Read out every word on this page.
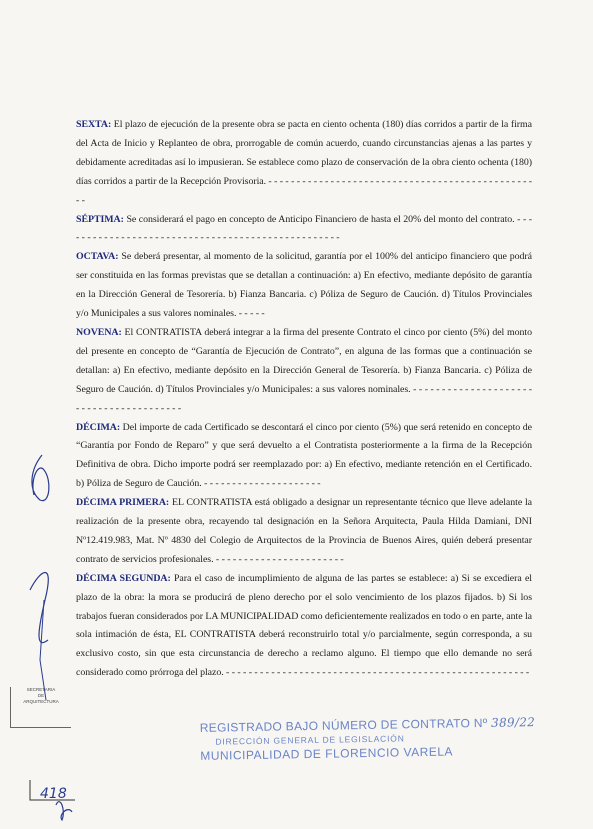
SECRETARIA
DE
ARQUITECTURA
418

SEXTA: El plazo de ejecución de la presente obra se pacta en ciento ochenta (180) días corridos a partir de la firma del Acta de Inicio y Replanteo de obra, prorrogable de común acuerdo, cuando circunstancias ajenas a las partes y debidamente acreditadas así lo impusieran. Se establece como plazo de conservación de la obra ciento ochenta (180) días corridos a partir de la Recepción Provisoria. - - - - - - - - - - - - - - - - - - - - - - - - - - - - - - - - - - - - - - - - - - - - - - - - -

SÉPTIMA: Se considerará el pago en concepto de Anticipo Financiero de hasta el 20% del monto del contrato. - - - - - - - - - - - - - - - - - - - - - - - - - - - - - - - - - - - - - - - - - - - - - - - - - -

OCTAVA: Se deberá presentar, al momento de la solicitud, garantía por el 100% del anticipo financiero que podrá ser constituida en las formas previstas que se detallan a continuación: a) En efectivo, mediante depósito de garantía en la Dirección General de Tesorería. b) Fianza Bancaria. c) Póliza de Seguro de Caución. d) Títulos Provinciales y/o Municipales a sus valores nominales. - - - - -

NOVENA: El CONTRATISTA deberá integrar a la firma del presente Contrato el cinco por ciento (5%) del monto del presente en concepto de “Garantía de Ejecución de Contrato”, en alguna de las formas que a continuación se detallan: a) En efectivo, mediante depósito en la Dirección General de Tesorería. b) Fianza Bancaria. c) Póliza de Seguro de Caución. d) Títulos Provinciales y/o Municipales: a sus valores nominales. - - - - - - - - - - - - - - - - - - - - - - - - - - - - - - - - - - - - - - - -

DÉCIMA: Del importe de cada Certificado se descontará el cinco por ciento (5%) que será retenido en concepto de “Garantía por Fondo de Reparo” y que será devuelto a el Contratista posteriormente a la firma de la Recepción Definitiva de obra. Dicho importe podrá ser reemplazado por: a) En efectivo, mediante retención en el Certificado. b) Póliza de Seguro de Caución. - - - - - - - - - - - - - - - - - - - - -

DÉCIMA PRIMERA: EL CONTRATISTA está obligado a designar un representante técnico que lleve adelante la realización de la presente obra, recayendo tal designación en la Señora Arquitecta, Paula Hilda Damiani, DNI Nº12.419.983, Mat. Nº 4830 del Colegio de Arquitectos de la Provincia de Buenos Aires, quién deberá presentar contrato de servicios profesionales. - - - - - - - - - - - - - - - - - - - - - - -

DÉCIMA SEGUNDA: Para el caso de incumplimiento de alguna de las partes se establece: a) Si se excediera el plazo de la obra: la mora se producirá de pleno derecho por el solo vencimiento de los plazos fijados. b) Si los trabajos fueran considerados por LA MUNICIPALIDAD como deficientemente realizados en todo o en parte, ante la sola intimación de ésta, EL CONTRATISTA deberá reconstruirlo total y/o parcialmente, según corresponda, a su exclusivo costo, sin que esta circunstancia de derecho a reclamo alguno. El tiempo que ello demande no será considerado como prórroga del plazo. - - - - - - - - - - - - - - - - - - - - - - - - - - - - - - - - - - - - - - - - - - - - - - - - - - - - - -

REGISTRADO BAJO NÚMERO DE CONTRATO Nº 389/22
DIRECCIÓN GENERAL DE LEGISLACIÓN
MUNICIPALIDAD DE FLORENCIO VARELA
